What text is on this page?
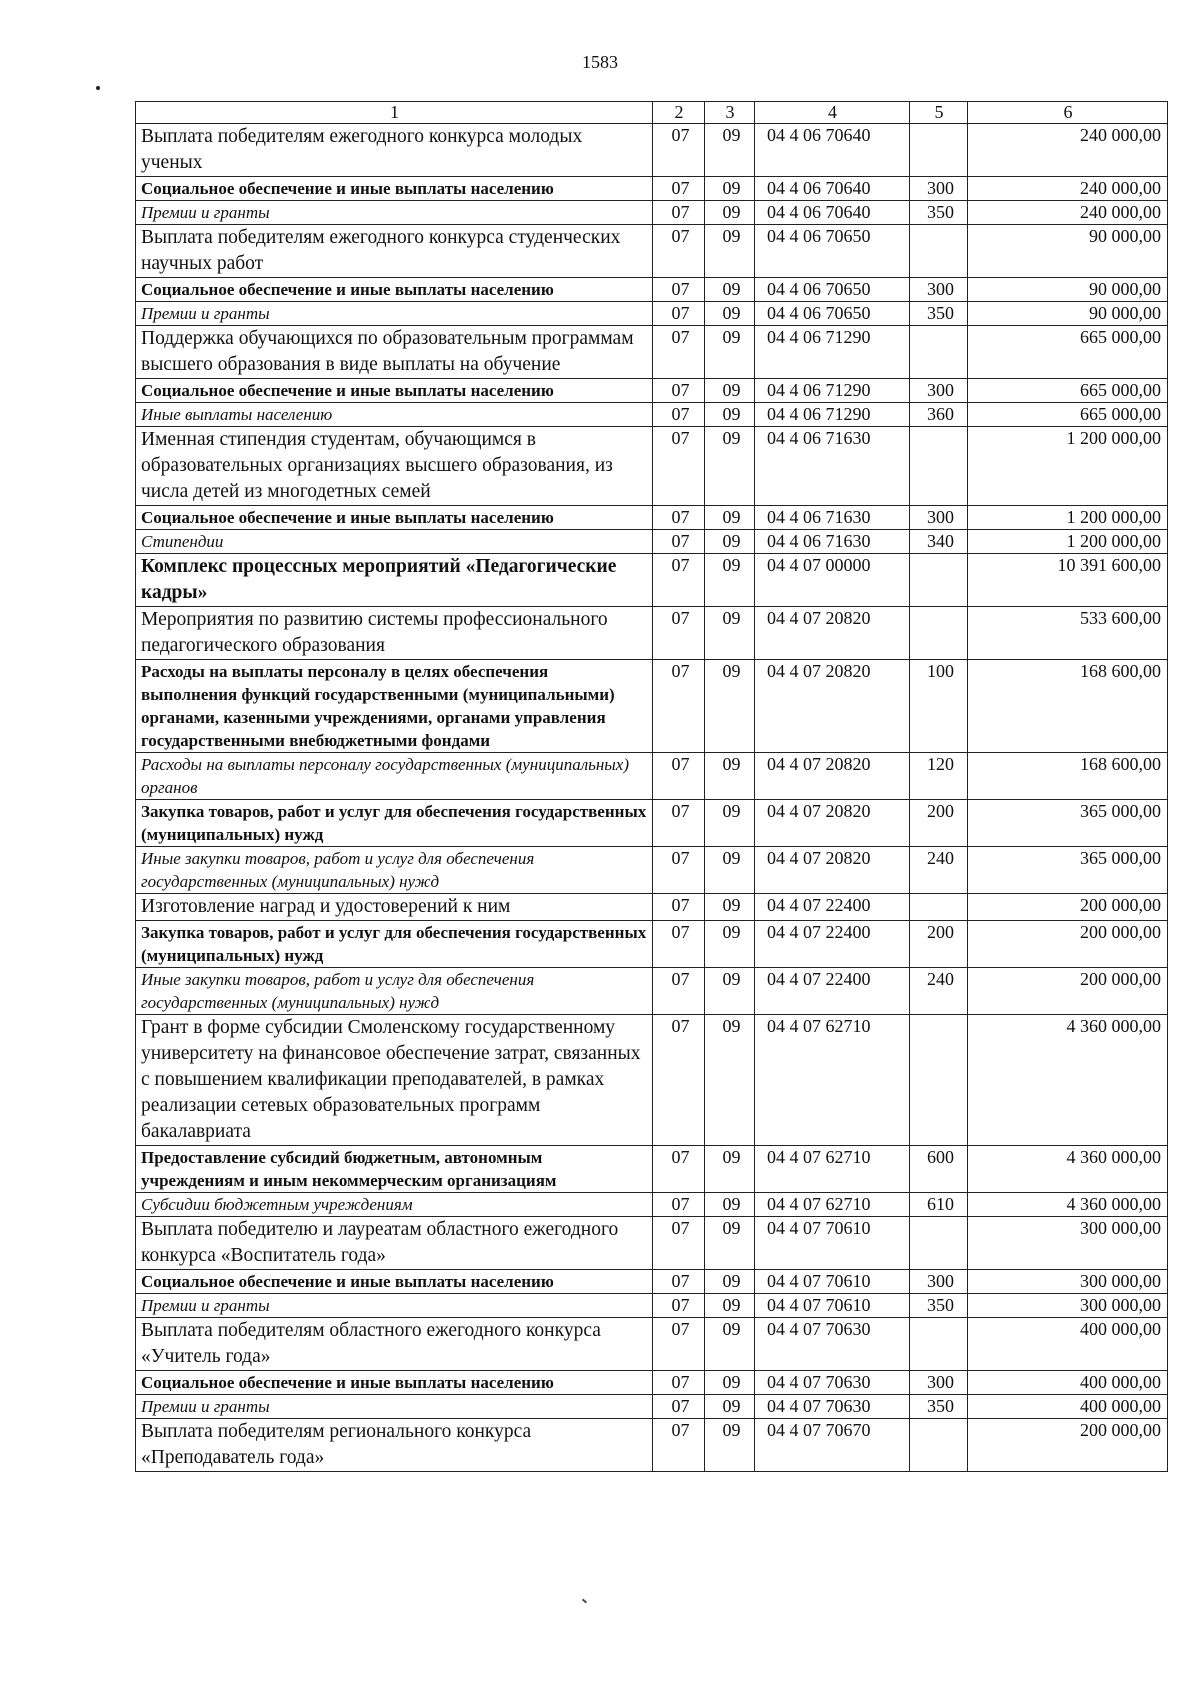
1583
1	2	3	4	5	6
Выплата победителям ежегодного конкурса молодых ученых	07	09	04 4 06 70640		240 000,00
Социальное обеспечение и иные выплаты населению	07	09	04 4 06 70640	300	240 000,00
Премии и гранты	07	09	04 4 06 70640	350	240 000,00
Выплата победителям ежегодного конкурса студенческих научных работ	07	09	04 4 06 70650		90 000,00
Социальное обеспечение и иные выплаты населению	07	09	04 4 06 70650	300	90 000,00
Премии и гранты	07	09	04 4 06 70650	350	90 000,00
Поддержка обучающихся по образовательным программам высшего образования в виде выплаты на обучение	07	09	04 4 06 71290		665 000,00
Социальное обеспечение и иные выплаты населению	07	09	04 4 06 71290	300	665 000,00
Иные выплаты населению	07	09	04 4 06 71290	360	665 000,00
Именная стипендия студентам, обучающимся в образовательных организациях высшего образования, из числа детей из многодетных семей	07	09	04 4 06 71630		1 200 000,00
Социальное обеспечение и иные выплаты населению	07	09	04 4 06 71630	300	1 200 000,00
Стипендии	07	09	04 4 06 71630	340	1 200 000,00
Комплекс процессных мероприятий «Педагогические кадры»	07	09	04 4 07 00000		10 391 600,00
Мероприятия по развитию системы профессионального педагогического образования	07	09	04 4 07 20820		533 600,00
Расходы на выплаты персоналу в целях обеспечения выполнения функций государственными (муниципальными) органами, казенными учреждениями, органами управления государственными внебюджетными фондами	07	09	04 4 07 20820	100	168 600,00
Расходы на выплаты персоналу государственных (муниципальных) органов	07	09	04 4 07 20820	120	168 600,00
Закупка товаров, работ и услуг для обеспечения государственных (муниципальных) нужд	07	09	04 4 07 20820	200	365 000,00
Иные закупки товаров, работ и услуг для обеспечения государственных (муниципальных) нужд	07	09	04 4 07 20820	240	365 000,00
Изготовление наград и удостоверений к ним	07	09	04 4 07 22400		200 000,00
Закупка товаров, работ и услуг для обеспечения государственных (муниципальных) нужд	07	09	04 4 07 22400	200	200 000,00
Иные закупки товаров, работ и услуг для обеспечения государственных (муниципальных) нужд	07	09	04 4 07 22400	240	200 000,00
Грант в форме субсидии Смоленскому государственному университету на финансовое обеспечение затрат, связанных с повышением квалификации преподавателей, в рамках реализации сетевых образовательных программ бакалавриата	07	09	04 4 07 62710		4 360 000,00
Предоставление субсидий бюджетным, автономным учреждениям и иным некоммерческим организациям	07	09	04 4 07 62710	600	4 360 000,00
Субсидии бюджетным учреждениям	07	09	04 4 07 62710	610	4 360 000,00
Выплата победителю и лауреатам областного ежегодного конкурса «Воспитатель года»	07	09	04 4 07 70610		300 000,00
Социальное обеспечение и иные выплаты населению	07	09	04 4 07 70610	300	300 000,00
Премии и гранты	07	09	04 4 07 70610	350	300 000,00
Выплата победителям областного ежегодного конкурса «Учитель года»	07	09	04 4 07 70630		400 000,00
Социальное обеспечение и иные выплаты населению	07	09	04 4 07 70630	300	400 000,00
Премии и гранты	07	09	04 4 07 70630	350	400 000,00
Выплата победителям регионального конкурса «Преподаватель года»	07	09	04 4 07 70670		200 000,00
